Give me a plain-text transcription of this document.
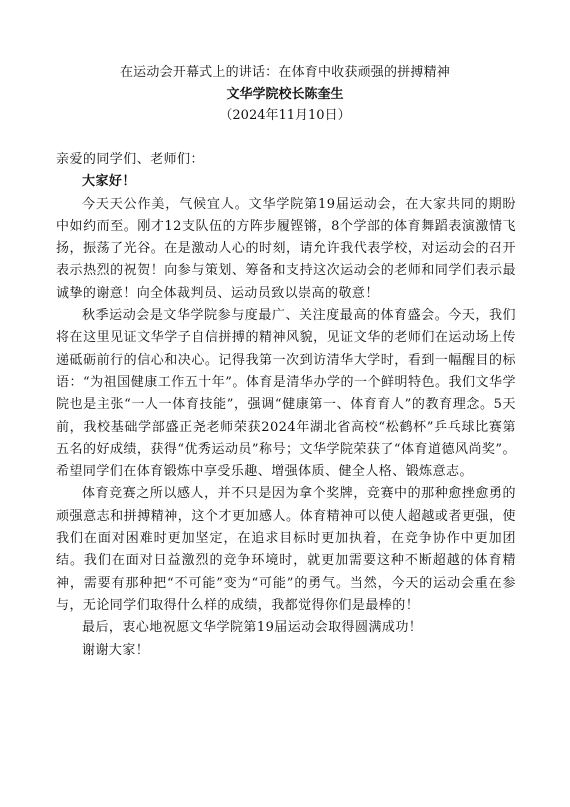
在运动会开幕式上的讲话：在体育中收获顽强的拼搏精神
文华学院校长陈奎生
（2024年11月10日）

亲爱的同学们、老师们：

大家好！

今天天公作美，气候宜人。文华学院第19届运动会，在大家共同的期盼中如约而至。刚才12支队伍的方阵步履铿锵，8个学部的体育舞蹈表演激情飞扬，振荡了光谷。在是激动人心的时刻，请允许我代表学校，对运动会的召开表示热烈的祝贺！向参与策划、筹备和支持这次运动会的老师和同学们表示最诚挚的谢意！向全体裁判员、运动员致以崇高的敬意！

秋季运动会是文华学院参与度最广、关注度最高的体育盛会。今天，我们将在这里见证文华学子自信拼搏的精神风貌，见证文华的老师们在运动场上传递砥砺前行的信心和决心。记得我第一次到访清华大学时，看到一幅醒目的标语：“为祖国健康工作五十年”。体育是清华办学的一个鲜明特色。我们文华学院也是主张“一人一体育技能”，强调“健康第一、体育育人”的教育理念。5天前，我校基础学部盛正尧老师荣获2024年湖北省高校“松鹤杯”乒乓球比赛第五名的好成绩，获得“优秀运动员”称号；文华学院荣获了“体育道德风尚奖”。希望同学们在体育锻炼中享受乐趣、增强体质、健全人格、锻炼意志。

体育竞赛之所以感人，并不只是因为拿个奖牌，竞赛中的那种愈挫愈勇的顽强意志和拼搏精神，这个才更加感人。体育精神可以使人超越或者更强，使我们在面对困难时更加坚定，在追求目标时更加执着，在竞争协作中更加团结。我们在面对日益激烈的竞争环境时，就更加需要这种不断超越的体育精神，需要有那种把“不可能”变为“可能”的勇气。当然，今天的运动会重在参与，无论同学们取得什么样的成绩，我都觉得你们是最棒的！

最后，衷心地祝愿文华学院第19届运动会取得圆满成功！

谢谢大家！
